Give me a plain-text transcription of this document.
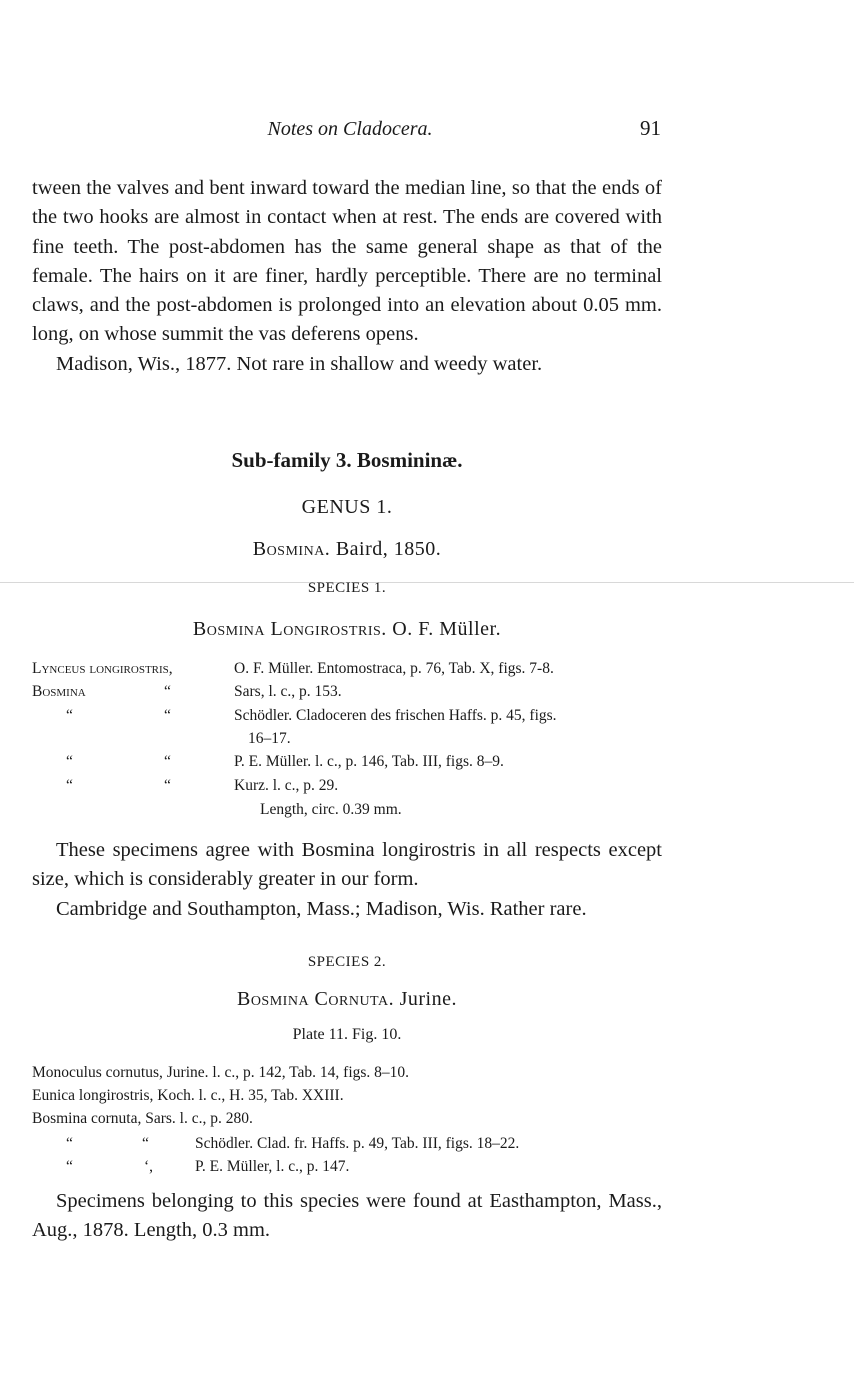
Notes on Cladocera.	91

tween the valves and bent inward toward the median line, so that the ends of the two hooks are almost in contact when at rest. The ends are covered with fine teeth. The post-abdomen has the same general shape as that of the female. The hairs on it are finer, hardly perceptible. There are no terminal claws, and the post-abdomen is prolonged into an elevation about 0.05 mm. long, on whose summit the vas deferens opens.

Madison, Wis., 1877. Not rare in shallow and weedy water.

Sub-family 3. Bosmininæ.
GENUS 1.
Bosmina. Baird, 1850.
SPECIES 1.
Bosmina Longirostris. O. F. Müller.
Lynceus longirostris,	O. F. Müller. Entomostraca, p. 76, Tab. X, figs. 7-8.
Bosmina	“	Sars, l. c., p. 153.
“	“	Schödler. Cladoceren des frischen Haffs. p. 45, figs.
16–17.
“	“	P. E. Müller. l. c., p. 146, Tab. III, figs. 8–9.
“	“	Kurz. l. c., p. 29.
Length, circ. 0.39 mm.

These specimens agree with Bosmina longirostris in all respects except size, which is considerably greater in our form.

Cambridge and Southampton, Mass.; Madison, Wis. Rather rare.

SPECIES 2.
Bosmina Cornuta. Jurine.
Plate 11. Fig. 10.
Monoculus cornutus, Jurine. l. c., p. 142, Tab. 14, figs. 8–10.
Eunica longirostris, Koch. l. c., H. 35, Tab. XXIII.
Bosmina cornuta, Sars. l. c., p. 280.
“	“	Schödler. Clad. fr. Haffs. p. 49, Tab. III, figs. 18–22.
“	‘,	P. E. Müller, l. c., p. 147.

Specimens belonging to this species were found at Easthampton, Mass., Aug., 1878. Length, 0.3 mm.
